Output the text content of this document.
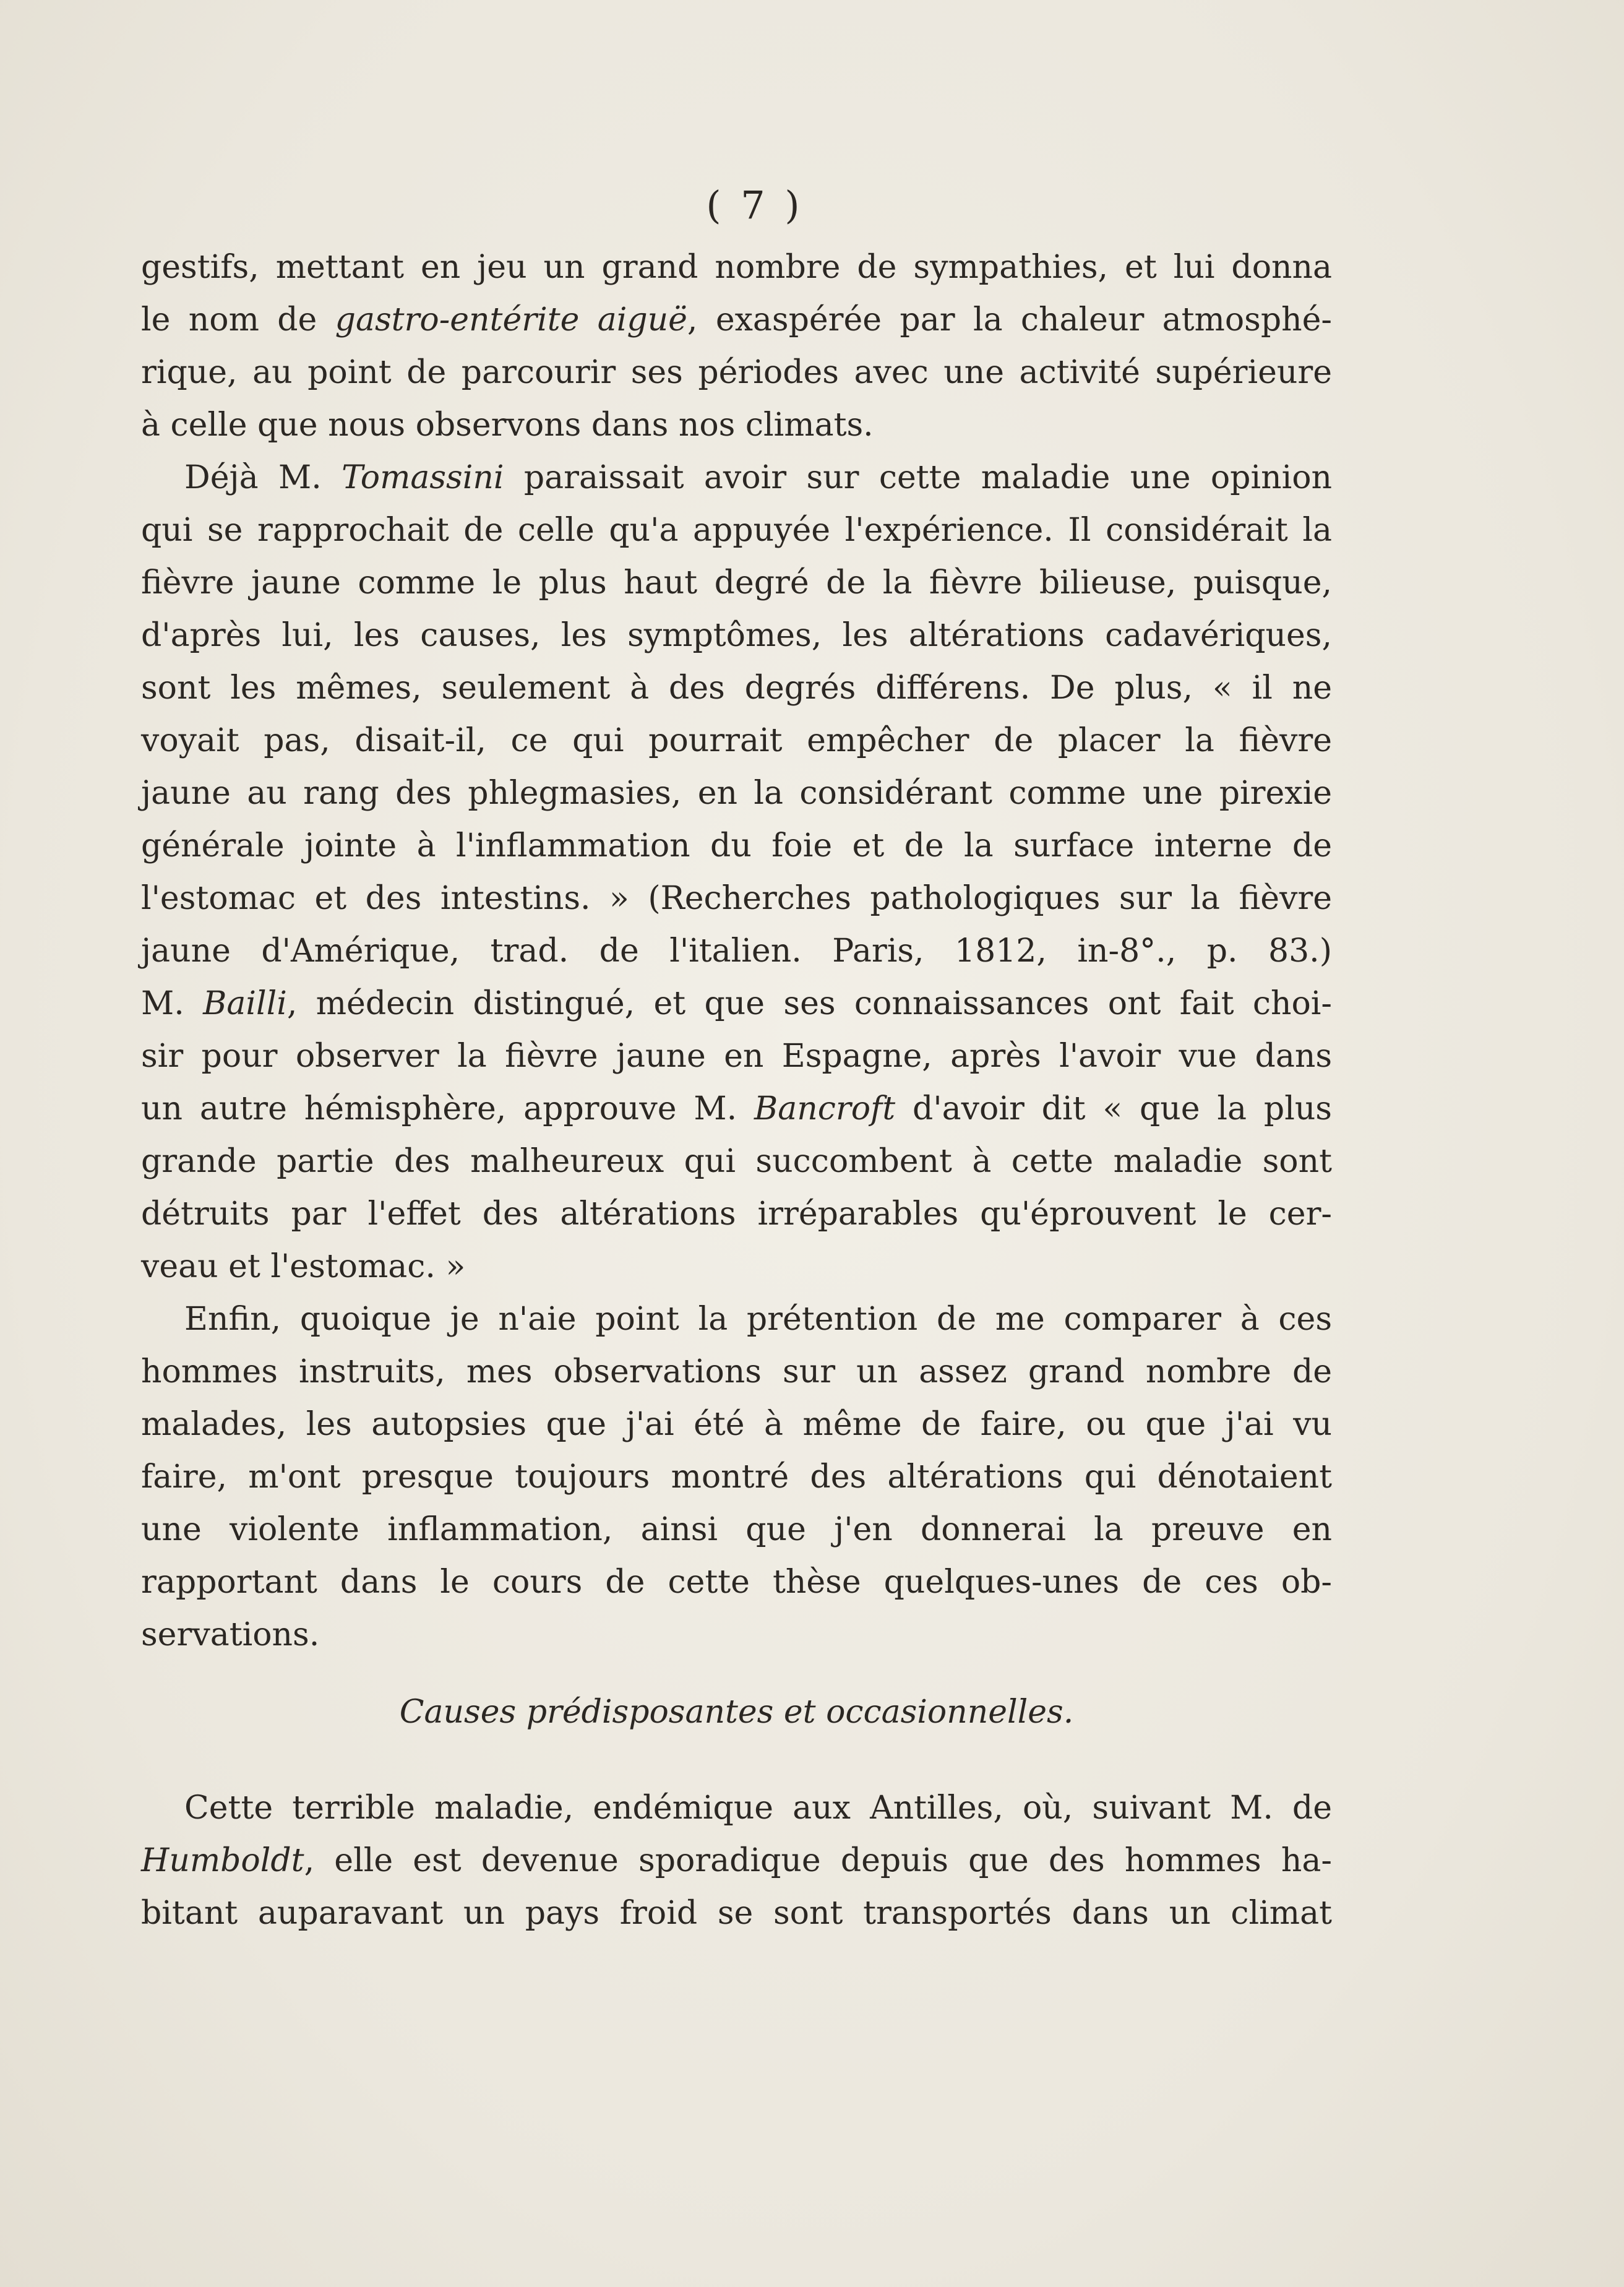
( 7 )
gestifs, mettant en jeu un grand nombre de sympathies, et lui donna
le nom de gastro-entérite aiguë, exaspérée par la chaleur atmosphé-
rique, au point de parcourir ses périodes avec une activité supérieure
à celle que nous observons dans nos climats.
Déjà M. Tomassini paraissait avoir sur cette maladie une opinion
qui se rapprochait de celle qu'a appuyée l'expérience. Il considérait la
fièvre jaune comme le plus haut degré de la fièvre bilieuse, puisque,
d'après lui, les causes, les symptômes, les altérations cadavériques,
sont les mêmes, seulement à des degrés différens. De plus, « il ne
voyait pas, disait-il, ce qui pourrait empêcher de placer la fièvre
jaune au rang des phlegmasies, en la considérant comme une pirexie
générale jointe à l'inflammation du foie et de la surface interne de
l'estomac et des intestins. » (Recherches pathologiques sur la fièvre
jaune d'Amérique, trad. de l'italien. Paris, 1812, in-8°., p. 83.)
M. Bailli, médecin distingué, et que ses connaissances ont fait choi-
sir pour observer la fièvre jaune en Espagne, après l'avoir vue dans
un autre hémisphère, approuve M. Bancroft d'avoir dit « que la plus
grande partie des malheureux qui succombent à cette maladie sont
détruits par l'effet des altérations irréparables qu'éprouvent le cer-
veau et l'estomac. »
Enfin, quoique je n'aie point la prétention de me comparer à ces
hommes instruits, mes observations sur un assez grand nombre de
malades, les autopsies que j'ai été à même de faire, ou que j'ai vu
faire, m'ont presque toujours montré des altérations qui dénotaient
une violente inflammation, ainsi que j'en donnerai la preuve en
rapportant dans le cours de cette thèse quelques-unes de ces ob-
servations.
Causes prédisposantes et occasionnelles.
Cette terrible maladie, endémique aux Antilles, où, suivant M. de
Humboldt, elle est devenue sporadique depuis que des hommes ha-
bitant auparavant un pays froid se sont transportés dans un climat
